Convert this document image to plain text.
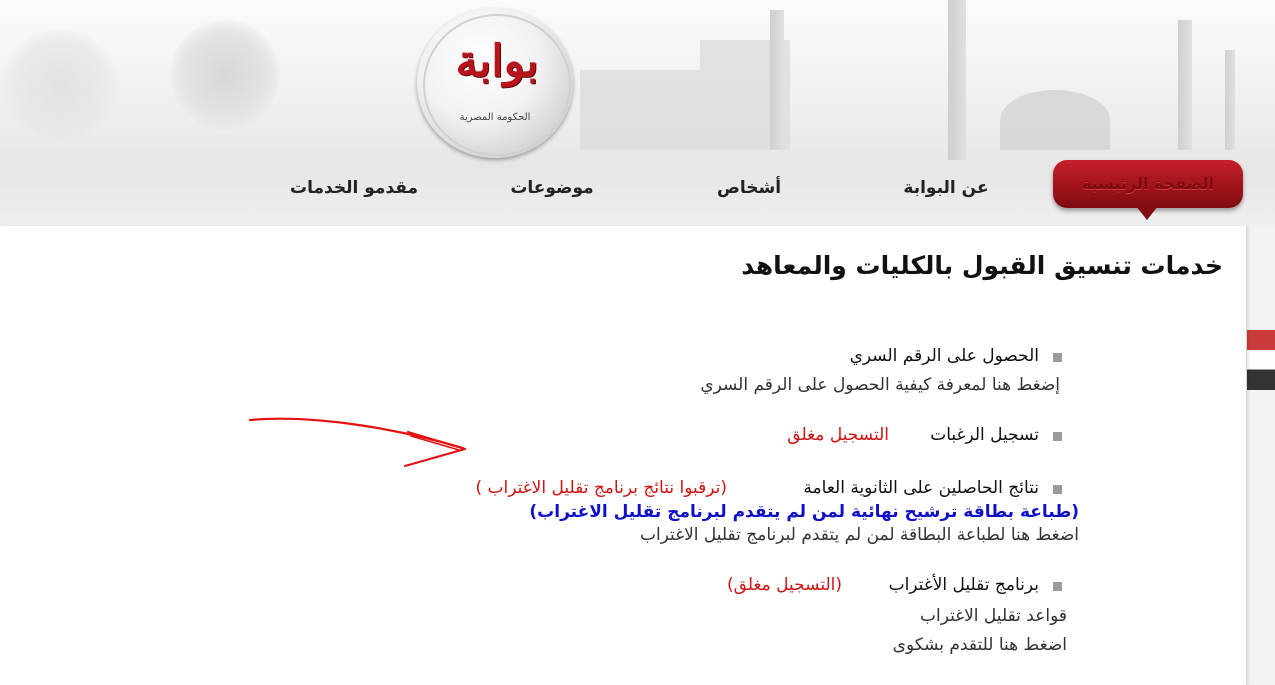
بوابة
الحكومة المصرية
الصفحة الرئيسية
عن البوابة
أشخاص
موضوعات
مقدمو الخدمات
خدمات تنسيق القبول بالكليات والمعاهد
الحصول على الرقم السري
إضغط هنا لمعرفة كيفية الحصول على الرقم السري
تسجيل الرغبات
التسجيل مغلق
نتائج الحاصلين على الثانوية العامة
(ترقبوا نتائج برنامج تقليل الاغتراب )
(طباعة بطاقة ترشيح نهائية لمن لم يتقدم لبرنامج تقليل الاغتراب)
اضغط هنا لطباعة البطاقة لمن لم يتقدم لبرنامج تقليل الاغتراب
برنامج تقليل الأغتراب
(التسجيل مغلق)
قواعد تقليل الاغتراب
اضغط هنا للتقدم بشكوى
